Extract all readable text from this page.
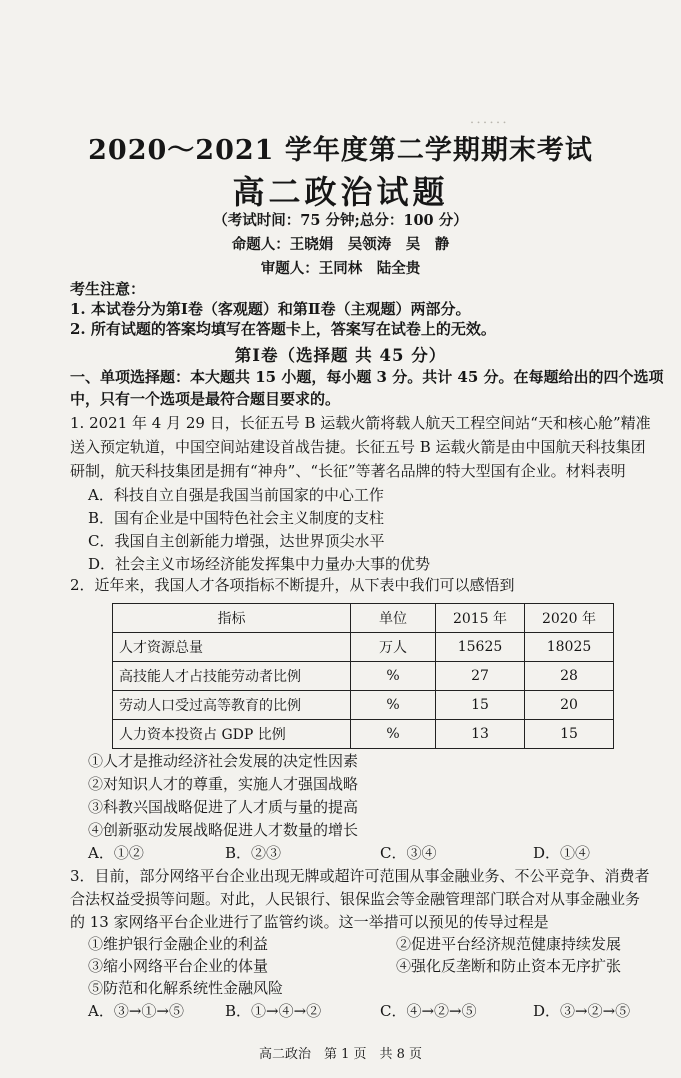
．．．．．．
2020～2021 学年度第二学期期末考试
高二政治试题
（考试时间：75 分钟;总分：100 分）
命题人：王晓娟　吴领涛　吴　静
审题人：王同林　陆全贵
考生注意：
1. 本试卷分为第Ⅰ卷（客观题）和第Ⅱ卷（主观题）两部分。
2. 所有试题的答案均填写在答题卡上，答案写在试卷上的无效。
第Ⅰ卷（选择题 共 45 分）
一、单项选择题：本大题共 15 小题，每小题 3 分。共计 45 分。在每题给出的四个选项
中，只有一个选项是最符合题目要求的。
1. 2021 年 4 月 29 日，长征五号 B 运载火箭将载人航天工程空间站“天和核心舱”精准
送入预定轨道，中国空间站建设首战告捷。长征五号 B 运载火箭是由中国航天科技集团
研制，航天科技集团是拥有“神舟”、“长征”等著名品牌的特大型国有企业。材料表明
A．科技自立自强是我国当前国家的中心工作
B．国有企业是中国特色社会主义制度的支柱
C．我国自主创新能力增强，达世界顶尖水平
D．社会主义市场经济能发挥集中力量办大事的优势
2．近年来，我国人才各项指标不断提升，从下表中我们可以感悟到
指标	单位	2015 年	2020 年
人才资源总量	万人	15625	18025
高技能人才占技能劳动者比例	%	27	28
劳动人口受过高等教育的比例	%	15	20
人力资本投资占 GDP 比例	%	13	15
①人才是推动经济社会发展的决定性因素
②对知识人才的尊重，实施人才强国战略
③科教兴国战略促进了人才质与量的提高
④创新驱动发展战略促进人才数量的增长
A．①②	B．②③	C．③④	D．①④
3．目前，部分网络平台企业出现无牌或超许可范围从事金融业务、不公平竞争、消费者
合法权益受损等问题。对此，人民银行、银保监会等金融管理部门联合对从事金融业务
的 13 家网络平台企业进行了监管约谈。这一举措可以预见的传导过程是
①维护银行金融企业的利益	②促进平台经济规范健康持续发展
③缩小网络平台企业的体量	④强化反垄断和防止资本无序扩张
⑤防范和化解系统性金融风险
A．③→①→⑤	B．①→④→②	C．④→②→⑤	D．③→②→⑤
高二政治　第 1 页　共 8 页
